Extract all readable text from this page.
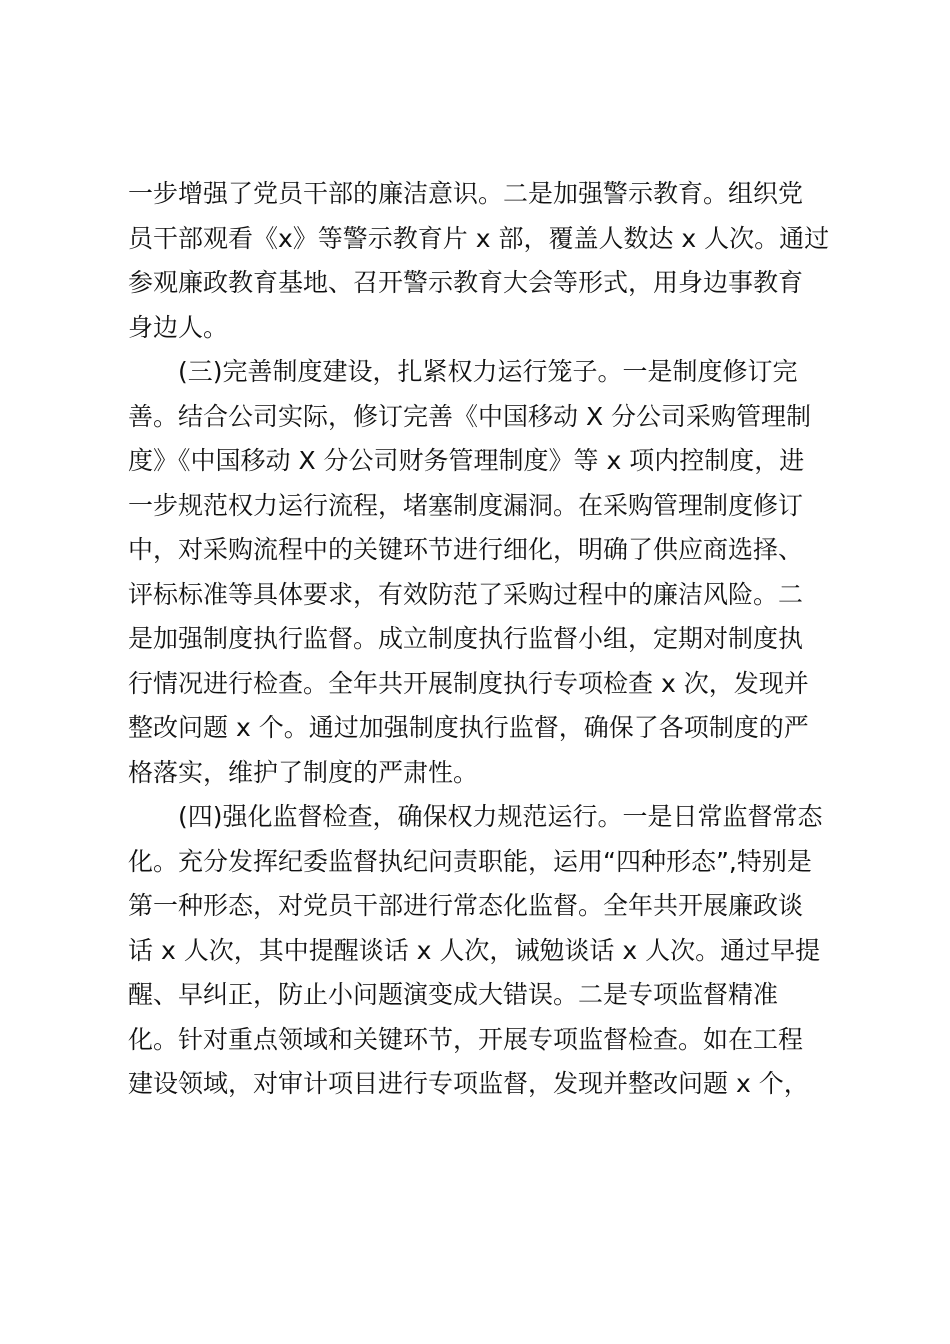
一步增强了党员干部的廉洁意识。二是加强警示教育。组织党
员干部观看《x》等警示教育片 x 部，覆盖人数达 x 人次。通过
参观廉政教育基地、召开警示教育大会等形式，用身边事教育
身边人。
(三)完善制度建设，扎紧权力运行笼子。一是制度修订完
善。结合公司实际，修订完善《中国移动 X 分公司采购管理制
度》《中国移动 X 分公司财务管理制度》等 x 项内控制度，进
一步规范权力运行流程，堵塞制度漏洞。在采购管理制度修订
中，对采购流程中的关键环节进行细化，明确了供应商选择、
评标标准等具体要求，有效防范了采购过程中的廉洁风险。二
是加强制度执行监督。成立制度执行监督小组，定期对制度执
行情况进行检查。全年共开展制度执行专项检查 x 次，发现并
整改问题 x 个。通过加强制度执行监督，确保了各项制度的严
格落实，维护了制度的严肃性。
(四)强化监督检查，确保权力规范运行。一是日常监督常态
化。充分发挥纪委监督执纪问责职能，运用“四种形态”,特别是
第一种形态，对党员干部进行常态化监督。全年共开展廉政谈
话 x 人次，其中提醒谈话 x 人次，诫勉谈话 x 人次。通过早提
醒、早纠正，防止小问题演变成大错误。二是专项监督精准
化。针对重点领域和关键环节，开展专项监督检查。如在工程
建设领域，对审计项目进行专项监督，发现并整改问题 x 个，
